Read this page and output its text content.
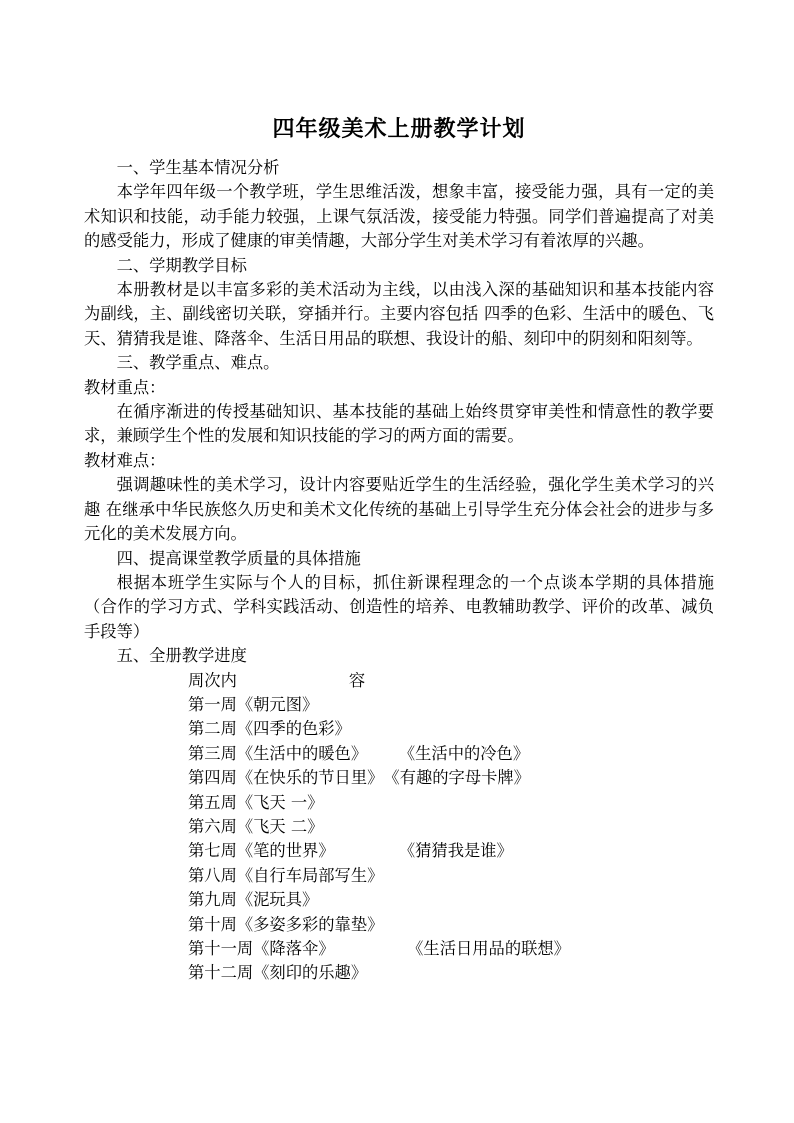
四年级美术上册教学计划

一、学生基本情况分析

本学年四年级一个教学班，学生思维活泼，想象丰富，接受能力强，具有一定的美术知识和技能，动手能力较强，上课气氛活泼，接受能力特强。同学们普遍提高了对美的感受能力，形成了健康的审美情趣，大部分学生对美术学习有着浓厚的兴趣。

二、学期教学目标

本册教材是以丰富多彩的美术活动为主线，以由浅入深的基础知识和基本技能内容为副线，主、副线密切关联，穿插并行。主要内容包括 四季的色彩、生活中的暖色、飞天、猜猜我是谁、降落伞、生活日用品的联想、我设计的船、刻印中的阴刻和阳刻等。

三、教学重点、难点。

教材重点：

在循序渐进的传授基础知识、基本技能的基础上始终贯穿审美性和情意性的教学要求，兼顾学生个性的发展和知识技能的学习的两方面的需要。

教材难点：

强调趣味性的美术学习，设计内容要贴近学生的生活经验，强化学生美术学习的兴趣 在继承中华民族悠久历史和美术文化传统的基础上引导学生充分体会社会的进步与多元化的美术发展方向。

四、提高课堂教学质量的具体措施

根据本班学生实际与个人的目标，抓住新课程理念的一个点谈本学期的具体措施（合作的学习方式、学科实践活动、创造性的培养、电教辅助教学、评价的改革、减负手段等）

五、全册教学进度

周次内	容
第一周《朝元图》
第二周《四季的色彩》
第三周《生活中的暖色》 《生活中的冷色》
第四周《在快乐的节日里》《有趣的字母卡牌》
第五周《飞天 一》
第六周《飞天 二》
第七周《笔的世界》	《猜猜我是谁》
第八周《自行车局部写生》
第九周《泥玩具》
第十周《多姿多彩的靠垫》
第十一周《降落伞》	《生活日用品的联想》
第十二周《刻印的乐趣》
